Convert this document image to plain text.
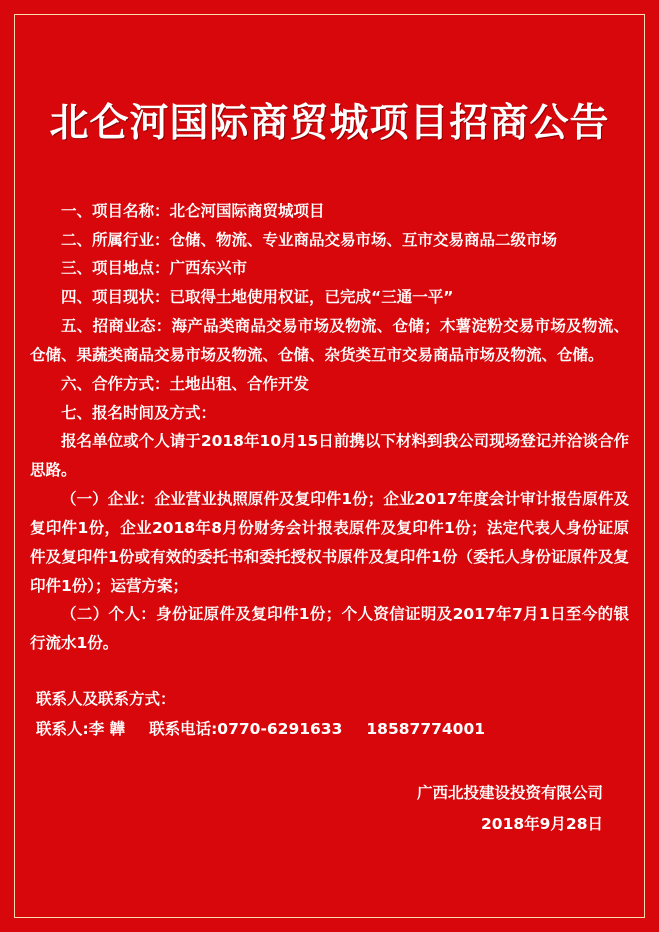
北仑河国际商贸城项目招商公告

一、项目名称：北仑河国际商贸城项目

二、所属行业：仓储、物流、专业商品交易市场、互市交易商品二级市场

三、项目地点：广西东兴市

四、项目现状：已取得土地使用权证，已完成“三通一平”

五、招商业态：海产品类商品交易市场及物流、仓储；木薯淀粉交易市场及物流、仓储、果蔬类商品交易市场及物流、仓储、杂货类互市交易商品市场及物流、仓储。

六、合作方式：土地出租、合作开发

七、报名时间及方式：

报名单位或个人请于2018年10月15日前携以下材料到我公司现场登记并洽谈合作思路。

（一）企业：企业营业执照原件及复印件1份；企业2017年度会计审计报告原件及复印件1份，企业2018年8月份财务会计报表原件及复印件1份；法定代表人身份证原件及复印件1份或有效的委托书和委托授权书原件及复印件1份（委托人身份证原件及复印件1份）；运营方案；

（二）个人：身份证原件及复印件1份；个人资信证明及2017年7月1日至今的银行流水1份。

联系人及联系方式：

联系人:李 韡 联系电话:0770-6291633 18587774001

广西北投建设投资有限公司

2018年9月28日
